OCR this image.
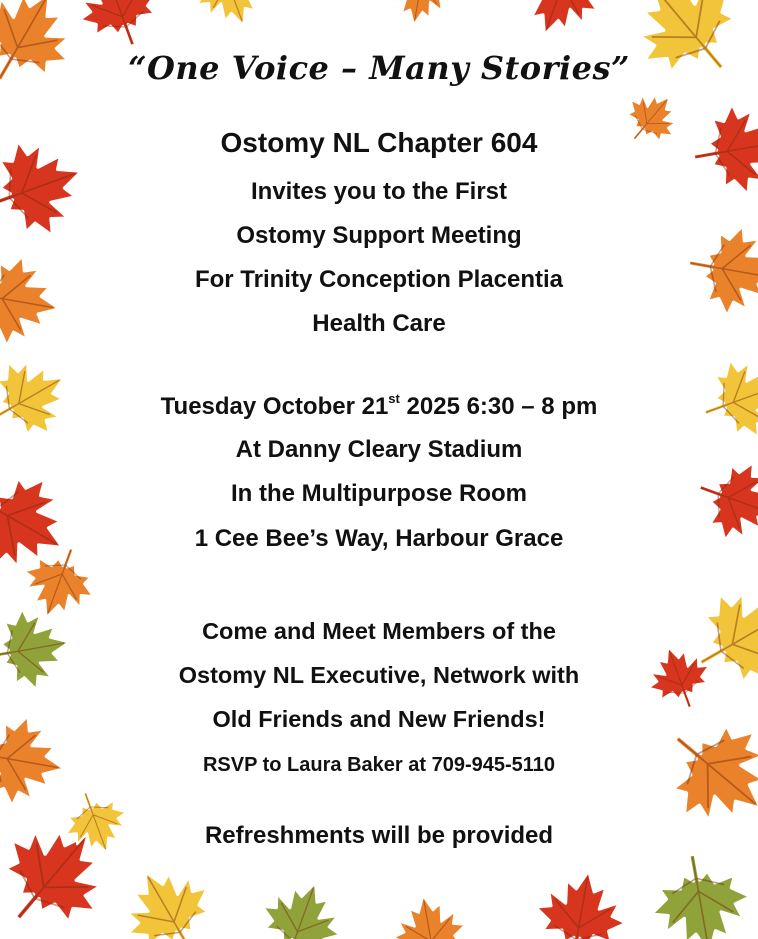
“One Voice – Many Stories”
Ostomy NL Chapter 604
Invites you to the First
Ostomy Support Meeting
For Trinity Conception Placentia
Health Care
Tuesday October 21st 2025 6:30 – 8 pm
At Danny Cleary Stadium
In the Multipurpose Room
1 Cee Bee’s Way, Harbour Grace
Come and Meet Members of the
Ostomy NL Executive, Network with
Old Friends and New Friends!
RSVP to Laura Baker at 709-945-5110
Refreshments will be provided
